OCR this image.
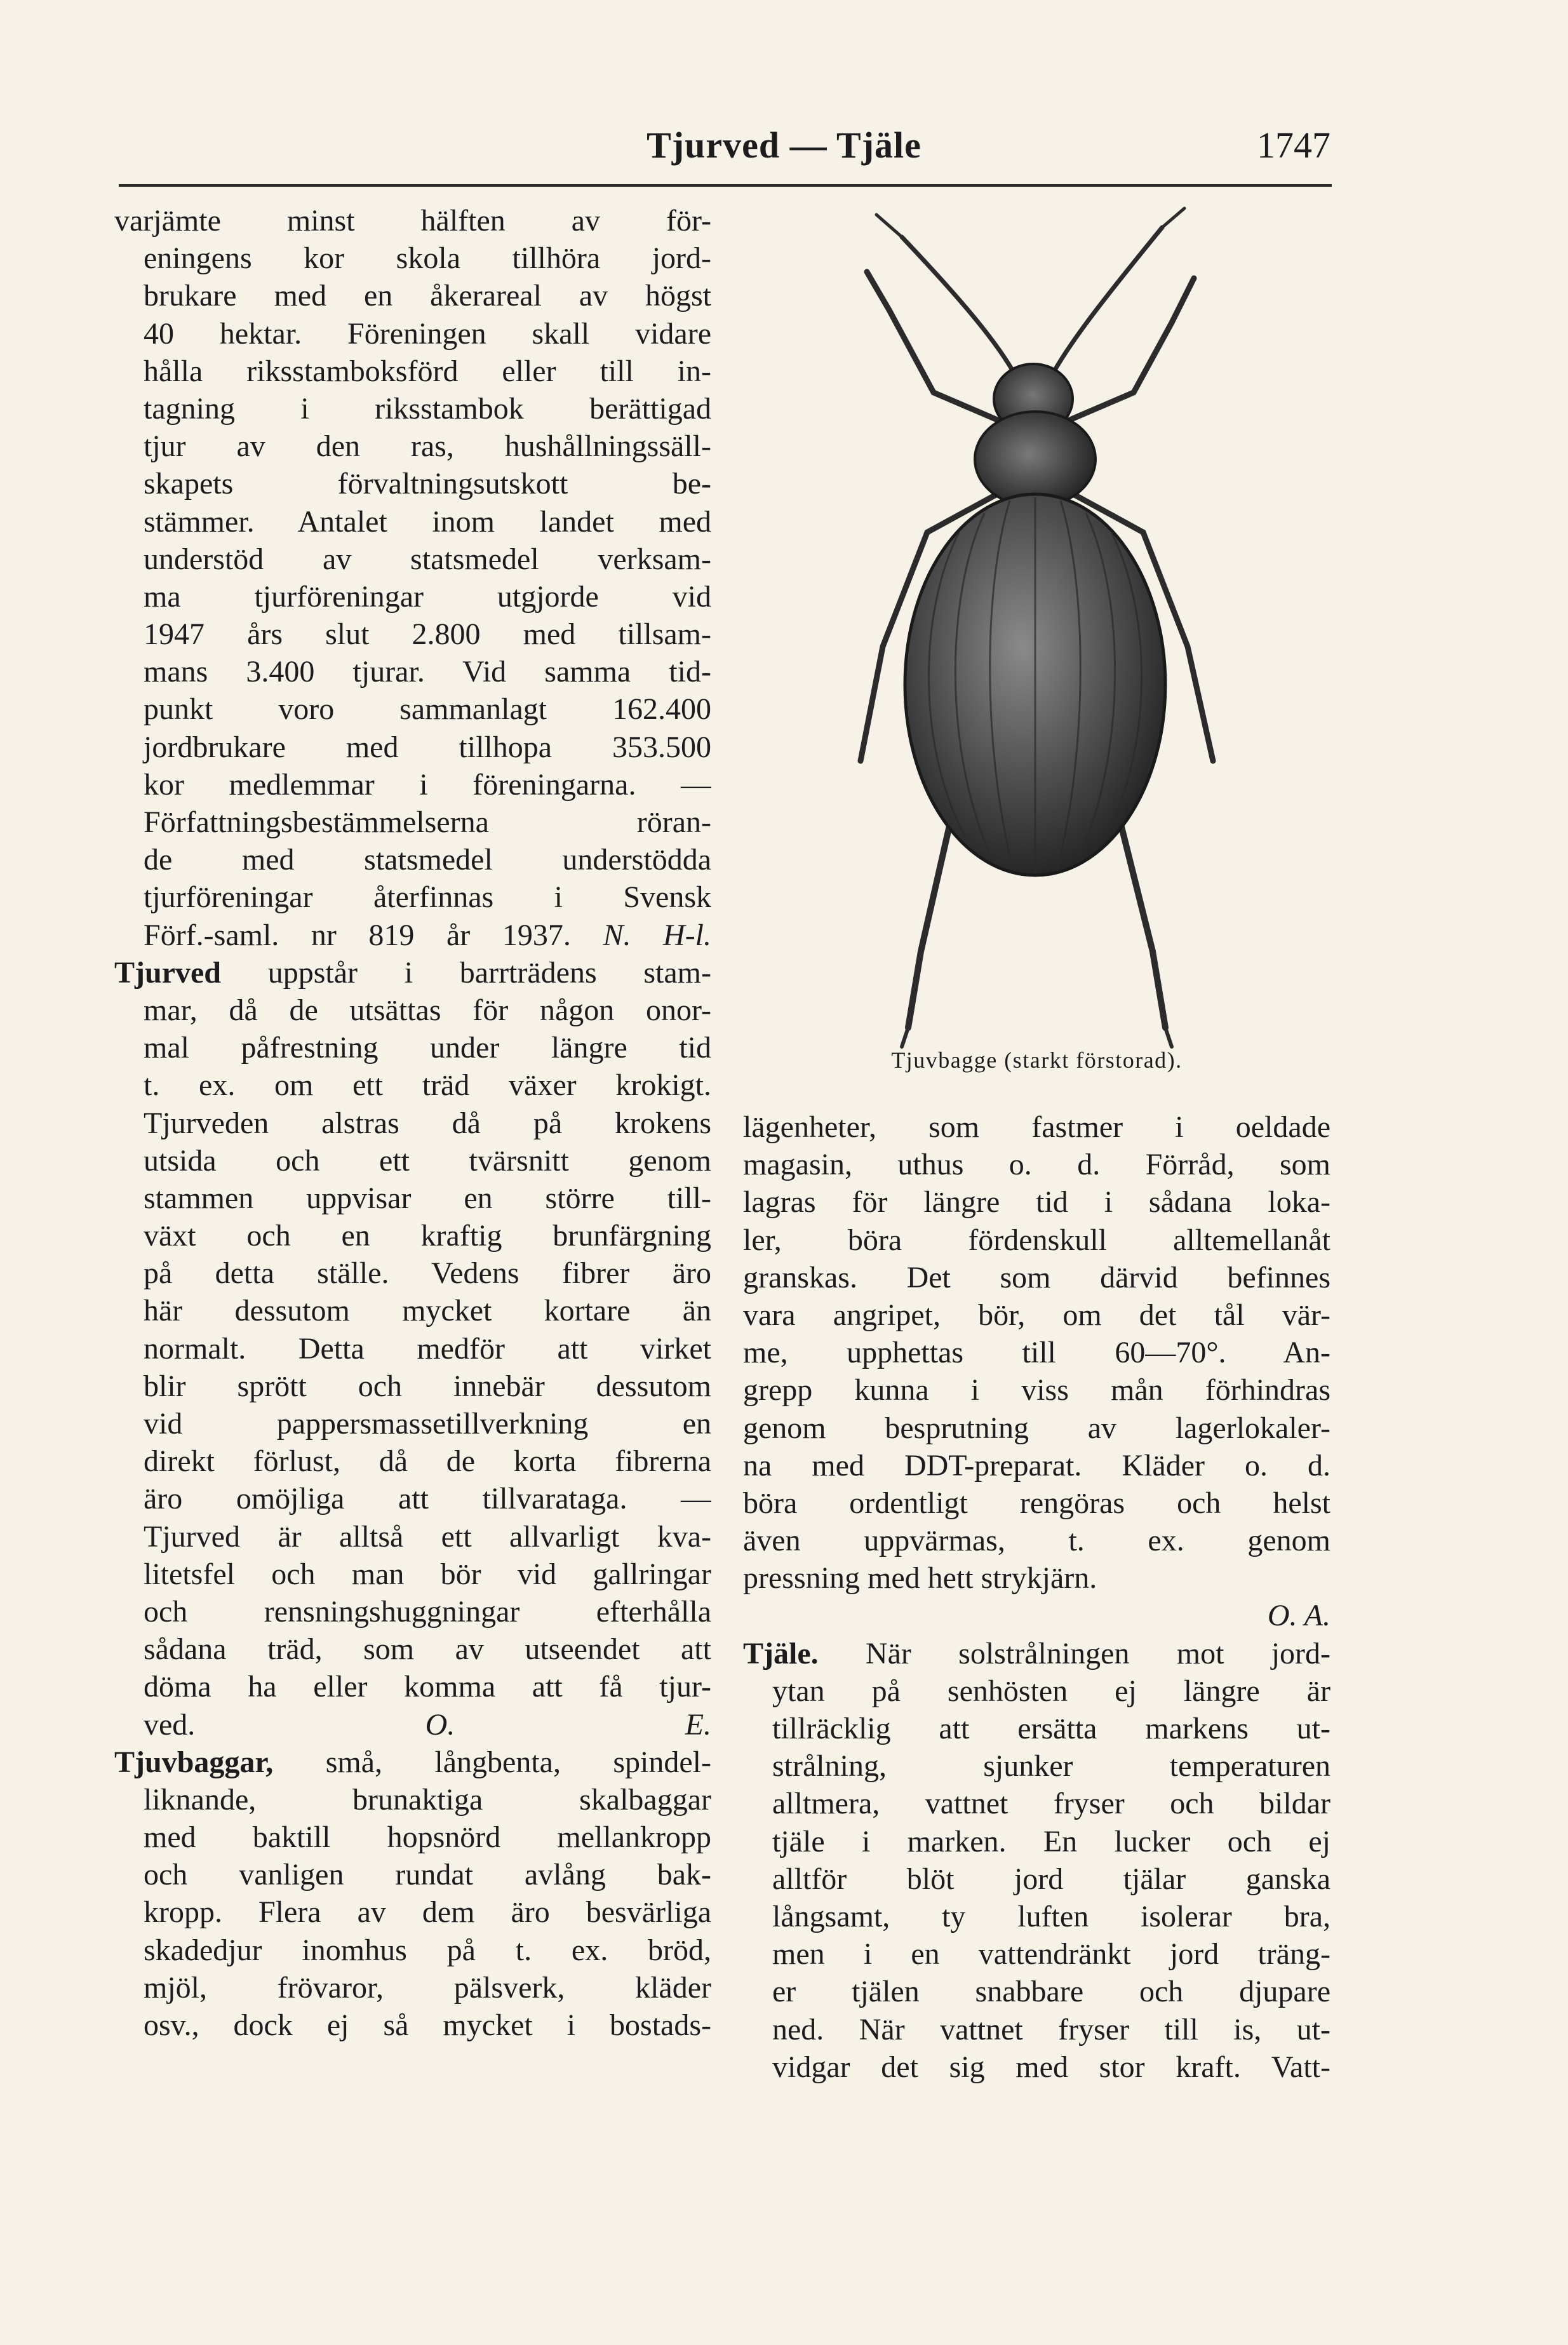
Tjurved — Tjäle	1747
varjämte minst hälften av för-
eningens kor skola tillhöra jord-
brukare med en åkerareal av högst
40 hektar. Föreningen skall vidare
hålla riksstamboksförd eller till in-
tagning i riksstambok berättigad
tjur av den ras, hushållningssäll-
skapets förvaltningsutskott be-
stämmer. Antalet inom landet med
understöd av statsmedel verksam-
ma tjurföreningar utgjorde vid
1947 års slut 2.800 med tillsam-
mans 3.400 tjurar. Vid samma tid-
punkt voro sammanlagt 162.400
jordbrukare med tillhopa 353.500
kor medlemmar i föreningarna. —
Författningsbestämmelserna röran-
de med statsmedel understödda
tjurföreningar återfinnas i Svensk
Förf.-saml. nr 819 år 1937. N. H-l.
Tjurved uppstår i barrträdens stam-
mar, då de utsättas för någon onor-
mal påfrestning under längre tid
t. ex. om ett träd växer krokigt.
Tjurveden alstras då på krokens
utsida och ett tvärsnitt genom
stammen uppvisar en större till-
växt och en kraftig brunfärgning
på detta ställe. Vedens fibrer äro
här dessutom mycket kortare än
normalt. Detta medför att virket
blir sprött och innebär dessutom
vid pappersmassetillverkning en
direkt förlust, då de korta fibrerna
äro omöjliga att tillvarataga. —
Tjurved är alltså ett allvarligt kva-
litetsfel och man bör vid gallringar
och rensningshuggningar efterhålla
sådana träd, som av utseendet att
döma ha eller komma att få tjur-
ved.	O. E.
Tjuvbaggar, små, långbenta, spindel-
liknande, brunaktiga skalbaggar
med baktill hopsnörd mellankropp
och vanligen rundat avlång bak-
kropp. Flera av dem äro besvärliga
skadedjur inomhus på t. ex. bröd,
mjöl, frövaror, pälsverk, kläder
osv., dock ej så mycket i bostads-
Tjuvbagge (starkt förstorad).
lägenheter, som fastmer i oeldade
magasin, uthus o. d. Förråd, som
lagras för längre tid i sådana loka-
ler, böra fördenskull alltemellanåt
granskas. Det som därvid befinnes
vara angripet, bör, om det tål vär-
me, upphettas till 60—70°. An-
grepp kunna i viss mån förhindras
genom besprutning av lagerlokaler-
na med DDT-preparat. Kläder o. d.
böra ordentligt rengöras och helst
även uppvärmas, t. ex. genom
pressning med hett strykjärn.
O. A.
Tjäle. När solstrålningen mot jord-
ytan på senhösten ej längre är
tillräcklig att ersätta markens ut-
strålning, sjunker temperaturen
alltmera, vattnet fryser och bildar
tjäle i marken. En lucker och ej
alltför blöt jord tjälar ganska
långsamt, ty luften isolerar bra,
men i en vattendränkt jord träng-
er tjälen snabbare och djupare
ned. När vattnet fryser till is, ut-
vidgar det sig med stor kraft. Vatt-
